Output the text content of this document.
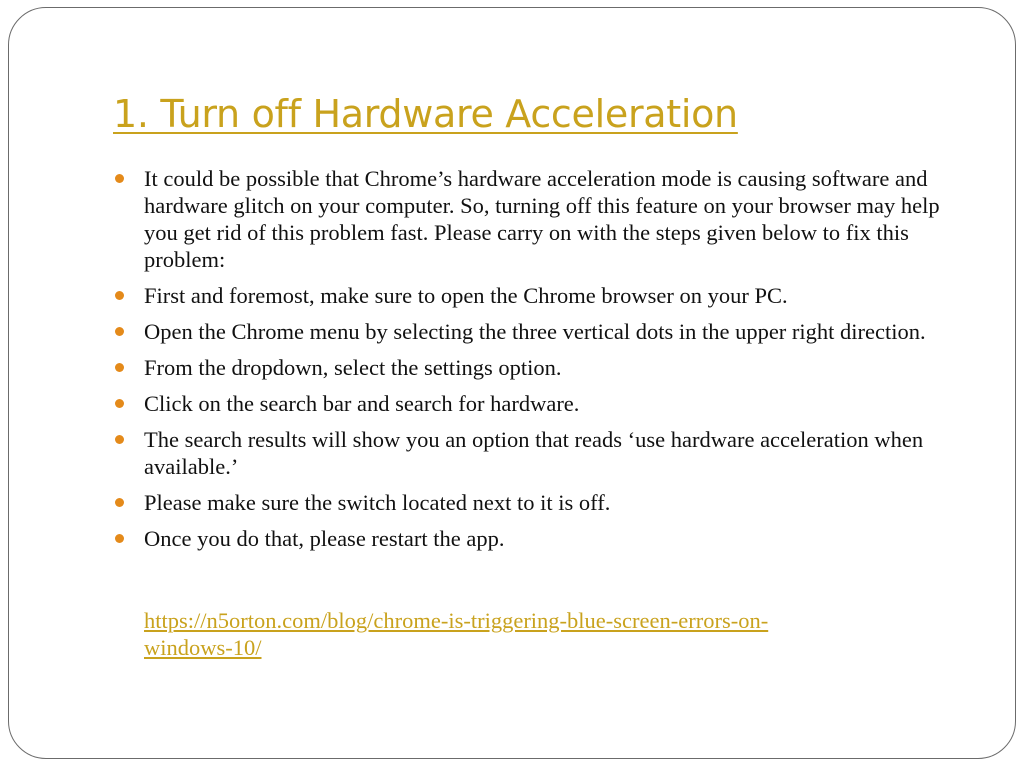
1. Turn off Hardware Acceleration
It could be possible that Chrome’s hardware acceleration mode is causing software and hardware glitch on your computer. So, turning off this feature on your browser may help you get rid of this problem fast. Please carry on with the steps given below to fix this problem:
First and foremost, make sure to open the Chrome browser on your PC.
Open the Chrome menu by selecting the three vertical dots in the upper right direction.
From the dropdown, select the settings option.
Click on the search bar and search for hardware.
The search results will show you an option that reads ‘use hardware acceleration when available.’
Please make sure the switch located next to it is off.
Once you do that, please restart the app.
https://n5orton.com/blog/chrome-is-triggering-blue-screen-errors-on-
windows-10/
